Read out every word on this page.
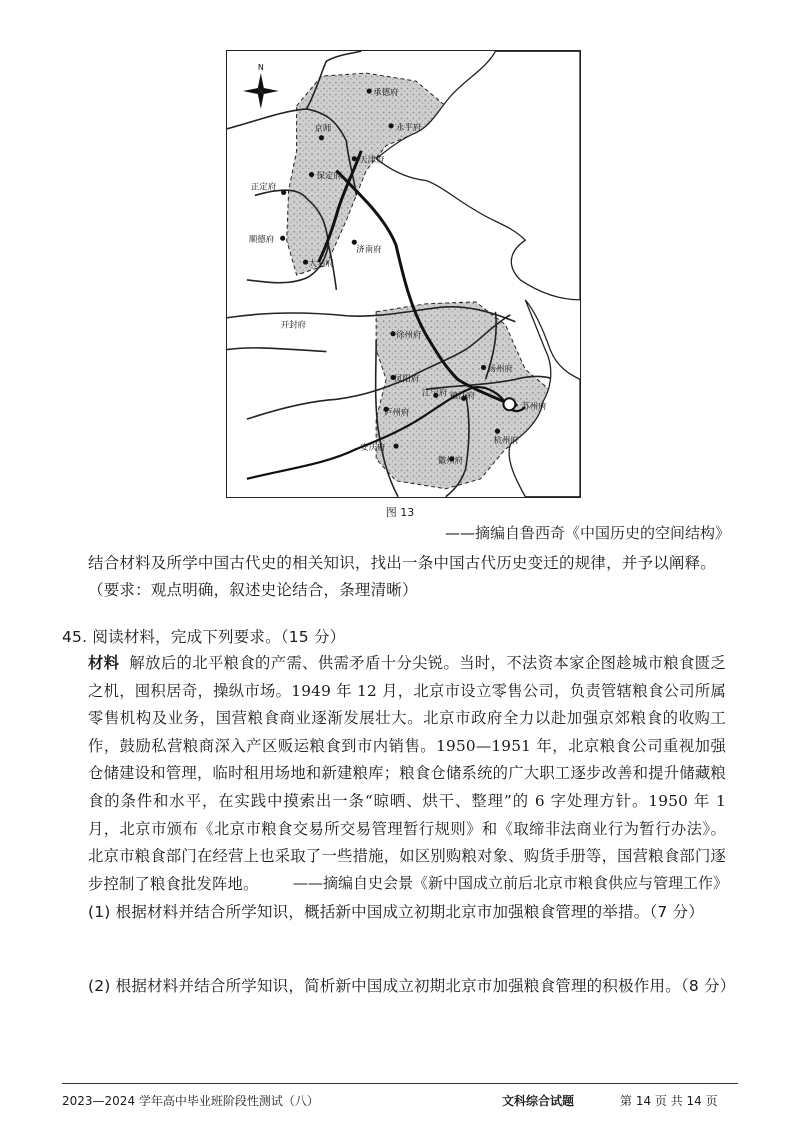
N
承德府
京师	永平府
天津府
保定府
正定府
顺德府
大名府
济南府
开封府
徐州府
凤阳府
扬州府
江宁府 镇江府
苏州府
庐州府
安庆府
杭州府
徽州府
图 13
——摘编自鲁西奇《中国历史的空间结构》
结合材料及所学中国古代史的相关知识，找出一条中国古代历史变迁的规律，并予以阐释。（要求：观点明确，叙述史论结合，条理清晰）
45. 阅读材料，完成下列要求。（15 分）
材料 解放后的北平粮食的产需、供需矛盾十分尖锐。当时，不法资本家企图趁城市粮食匮乏之机，囤积居奇，操纵市场。1949 年 12 月，北京市设立零售公司，负责管辖粮食公司所属零售机构及业务，国营粮食商业逐渐发展壮大。北京市政府全力以赴加强京郊粮食的收购工作，鼓励私营粮商深入产区贩运粮食到市内销售。1950—1951 年，北京粮食公司重视加强仓储建设和管理，临时租用场地和新建粮库；粮食仓储系统的广大职工逐步改善和提升储藏粮食的条件和水平，在实践中摸索出一条“晾晒、烘干、整理”的 6 字处理方针。1950 年 1 月，北京市颁布《北京市粮食交易所交易管理暂行规则》和《取缔非法商业行为暂行办法》。北京市粮食部门在经营上也采取了一些措施，如区别购粮对象、购货手册等，国营粮食部门逐步控制了粮食批发阵地。	——摘编自史会景《新中国成立前后北京市粮食供应与管理工作》
(1) 根据材料并结合所学知识，概括新中国成立初期北京市加强粮食管理的举措。（7 分）
(2) 根据材料并结合所学知识，简析新中国成立初期北京市加强粮食管理的积极作用。（8 分）
2023—2024 学年高中毕业班阶段性测试（八）	文科综合试题	第 14 页 共 14 页
